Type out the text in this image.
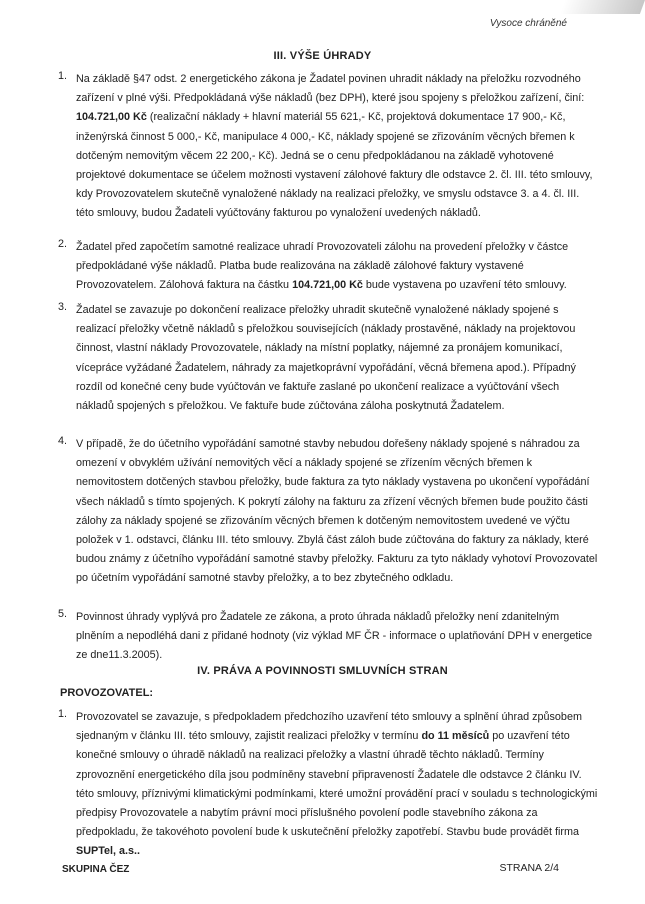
Vysoce chráněné
III. VÝŠE ÚHRADY
1. Na základě §47 odst. 2 energetického zákona je Žadatel povinen uhradit náklady na přeložku rozvodného zařízení v plné výši. Předpokládaná výše nákladů (bez DPH), které jsou spojeny s přeložkou zařízení, činí: 104.721,00 Kč (realizační náklady + hlavní materiál 55 621,- Kč, projektová dokumentace 17 900,- Kč, inženýrská činnost 5 000,- Kč, manipulace 4 000,- Kč, náklady spojené se zřizováním věcných břemen k dotčeným nemovitým věcem 22 200,- Kč). Jedná se o cenu předpokládanou na základě vyhotovené projektové dokumentace se účelem možnosti vystavení zálohové faktury dle odstavce 2. čl. III. této smlouvy, kdy Provozovatelem skutečně vynaložené náklady na realizaci přeložky, ve smyslu odstavce 3. a 4. čl. III. této smlouvy, budou Žadateli vyúčtovány fakturou po vynaložení uvedených nákladů.
2. Žadatel před započetím samotné realizace uhradí Provozovateli zálohu na provedení přeložky v částce předpokládané výše nákladů. Platba bude realizována na základě zálohové faktury vystavené Provozovatelem. Zálohová faktura na částku 104.721,00 Kč bude vystavena po uzavření této smlouvy.
3. Žadatel se zavazuje po dokončení realizace přeložky uhradit skutečně vynaložené náklady spojené s realizací přeložky včetně nákladů s přeložkou souvisejících (náklady prostavěné, náklady na projektovou činnost, vlastní náklady Provozovatele, náklady na místní poplatky, nájemné za pronájem komunikací, vícepráce vyžádané Žadatelem, náhrady za majetkoprávní vypořádání, věcná břemena apod.). Případný rozdíl od konečné ceny bude vyúčtován ve faktuře zaslané po ukončení realizace a vyúčtování všech nákladů spojených s přeložkou. Ve faktuře bude zúčtována záloha poskytnutá Žadatelem.
4. V případě, že do účetního vypořádání samotné stavby nebudou dořešeny náklady spojené s náhradou za omezení v obvyklém užívání nemovitých věcí a náklady spojené se zřízením věcných břemen k nemovitostem dotčených stavbou přeložky, bude faktura za tyto náklady vystavena po ukončení vypořádání všech nákladů s tímto spojených. K pokrytí zálohy na fakturu za zřízení věcných břemen bude použito části zálohy za náklady spojené se zřizováním věcných břemen k dotčeným nemovitostem uvedené ve výčtu položek v 1. odstavci, článku III. této smlouvy. Zbylá část záloh bude zúčtována do faktury za náklady, které budou známy z účetního vypořádání samotné stavby přeložky. Fakturu za tyto náklady vyhotoví Provozovatel po účetním vypořádání samotné stavby přeložky, a to bez zbytečného odkladu.
5. Povinnost úhrady vyplývá pro Žadatele ze zákona, a proto úhrada nákladů přeložky není zdanitelným plněním a nepodléhá dani z přidané hodnoty (viz výklad MF ČR - informace o uplatňování DPH v energetice ze dne11.3.2005).
IV. PRÁVA A POVINNOSTI SMLUVNÍCH STRAN
PROVOZOVATEL:
1. Provozovatel se zavazuje, s předpokladem předchozího uzavření této smlouvy a splnění úhrad způsobem sjednaným v článku III. této smlouvy, zajistit realizaci přeložky v termínu do 11 měsíců po uzavření této konečné smlouvy o úhradě nákladů na realizaci přeložky a vlastní úhradě těchto nákladů. Termíny zprovoznění energetického díla jsou podmíněny stavební připraveností Žadatele dle odstavce 2 článku IV. této smlouvy, příznivými klimatickými podmínkami, které umožní provádění prací v souladu s technologickými předpisy Provozovatele a nabytím právní moci příslušného povolení podle stavebního zákona za předpokladu, že takovéhoto povolení bude k uskutečnění přeložky zapotřebí. Stavbu bude provádět firma SUPTel, a.s..
SKUPINA ČEZ	STRANA 2/4
